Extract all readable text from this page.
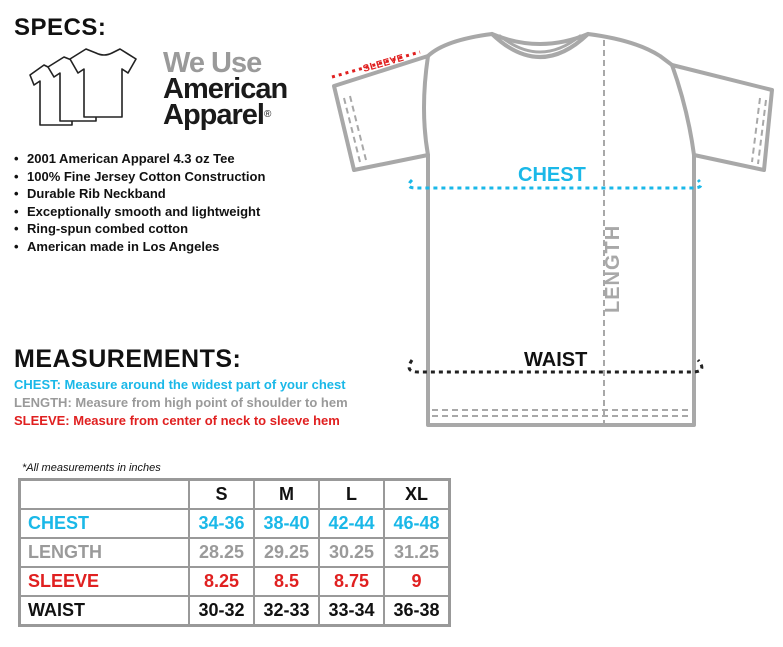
SPECS:
We Use
American
Apparel®
• 2001 American Apparel 4.3 oz Tee
• 100% Fine Jersey Cotton Construction
• Durable Rib Neckband
• Exceptionally smooth and lightweight
• Ring-spun combed cotton
• American made in Los Angeles
SLEEVE
CHEST
LENGTH
WAIST
MEASUREMENTS:
CHEST: Measure around the widest part of your chest
LENGTH: Measure from high point of shoulder to hem
SLEEVE: Measure from center of neck to sleeve hem
*All measurements in inches
	S	M	L	XL
CHEST	34-36	38-40	42-44	46-48
LENGTH	28.25	29.25	30.25	31.25
SLEEVE	8.25	8.5	8.75	9
WAIST	30-32	32-33	33-34	36-38
